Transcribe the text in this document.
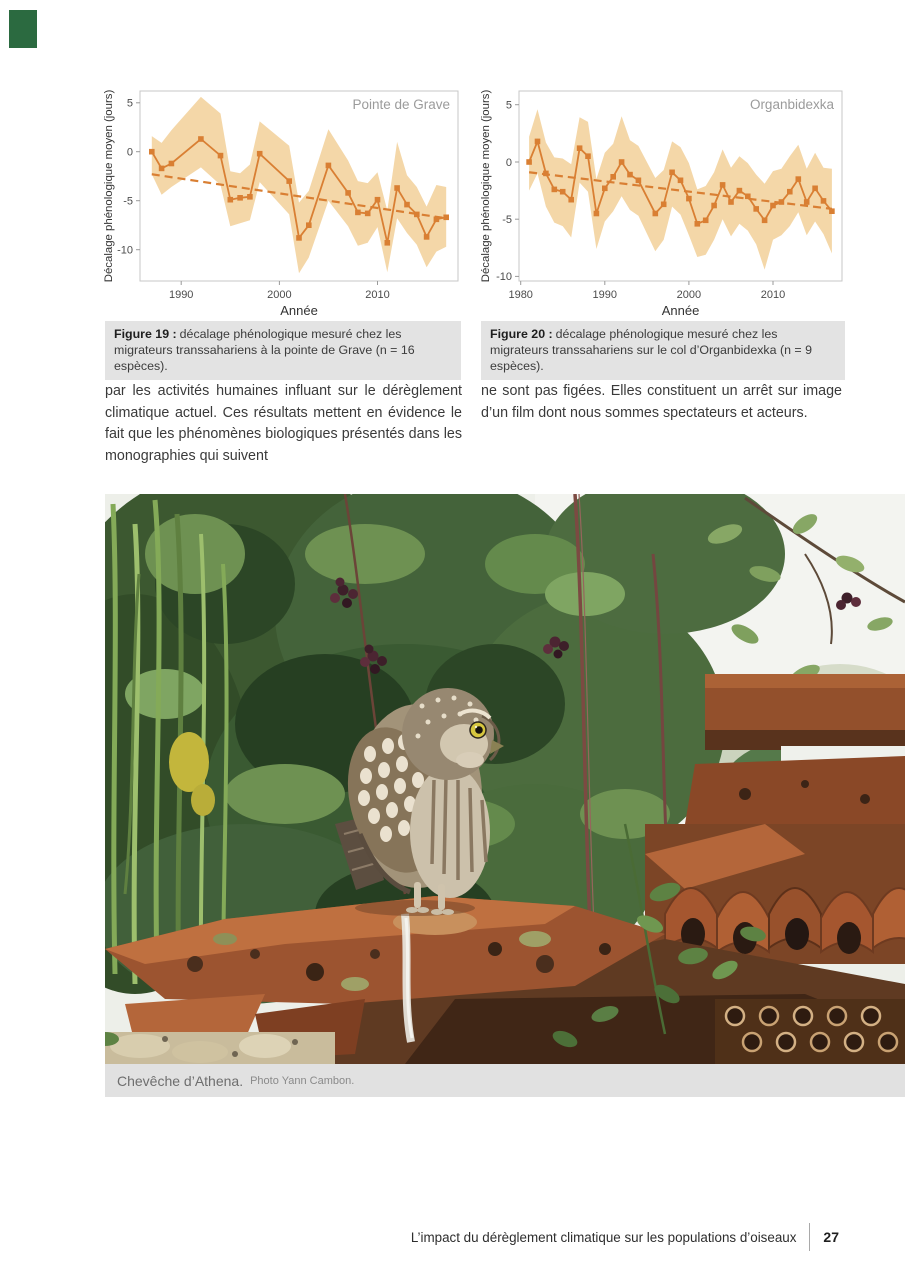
5
0
-5
-10
1990	2000	2010
Année
Décalage phénologique moyen (jours)	Pointe de Grave	5
0
-5
-10
1980	1990	2000	2010
Année
Décalage phénologique moyen (jours)	Organbidexka

Figure 19 : décalage phénologique mesuré chez les migrateurs transsahariens à la pointe de Grave (n = 16 espèces).

Figure 20 : décalage phénologique mesuré chez les migrateurs transsahariens sur le col d’Organbidexka (n = 9 espèces).

par les activités humaines influant sur le dérèglement climatique actuel. Ces résultats mettent en évidence le fait que les phénomènes biologiques présentés dans les monographies qui suivent

ne sont pas figées. Elles constituent un arrêt sur image d’un film dont nous sommes spectateurs et acteurs.

Chevêche d’Athena. Photo Yann Cambon.
L’impact du dérèglement climatique sur les populations d’oiseaux 27
